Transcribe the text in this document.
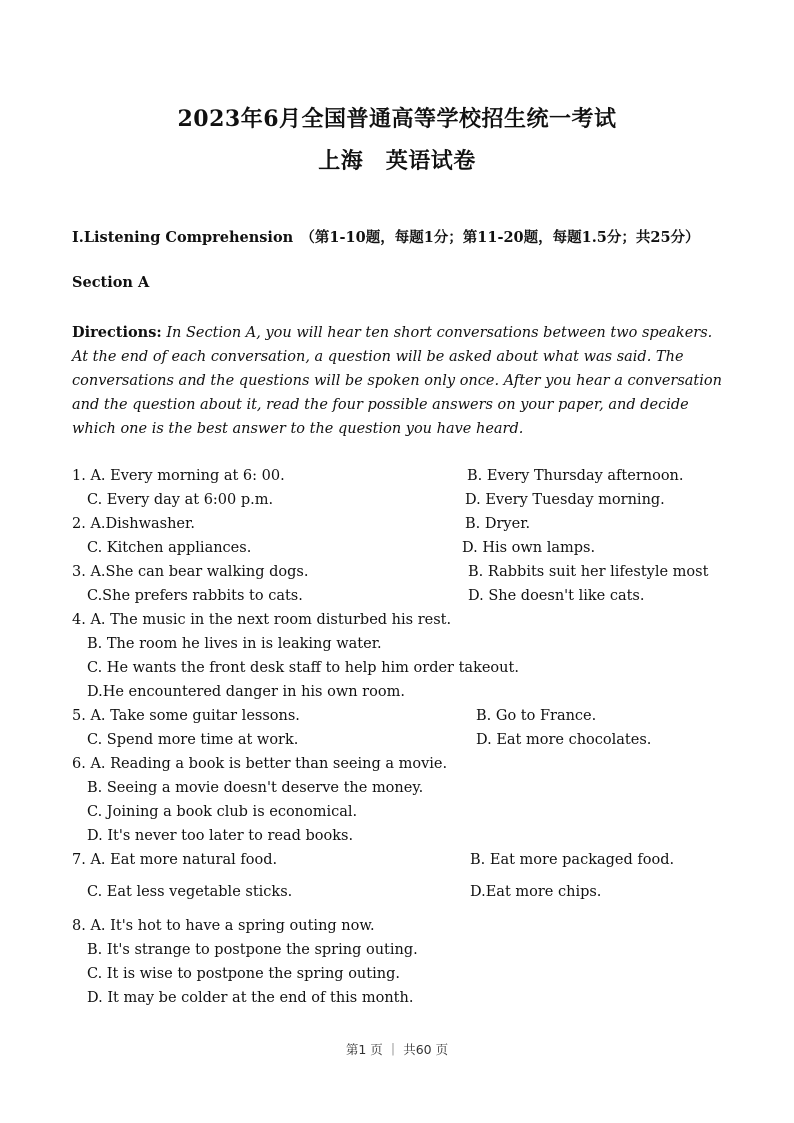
2023年6月全国普通高等学校招生统一考试
上海　英语试卷
I.Listening Comprehension　（第1-10题，每题1分；第11-20题，每题1.5分；共25分）
Section A
Directions: In Section A, you will hear ten short conversations between two speakers. At the end of each conversation, a question will be asked about what was said. The conversations and the questions will be spoken only once. After you hear a conversation and the question about it, read the four possible answers on your paper, and decide which one is the best answer to the question you have heard.
1. A. Every morning at 6: 00.	B. Every Thursday afternoon.
C. Every day at 6:00 p.m.	D. Every Tuesday morning.
2. A.Dishwasher.	B. Dryer.
C. Kitchen appliances.	D. His own lamps.
3. A.She can bear walking dogs.	B. Rabbits suit her lifestyle most
C.She prefers rabbits to cats.	D. She doesn't like cats.
4. A. The music in the next room disturbed his rest.
B. The room he lives in is leaking water.
C. He wants the front desk staff to help him order takeout.
D.He encountered danger in his own room.
5. A. Take some guitar lessons.	B. Go to France.
C. Spend more time at work.	D. Eat more chocolates.
6. A. Reading a book is better than seeing a movie.
B. Seeing a movie doesn't deserve the money.
C. Joining a book club is economical.
D. It's never too later to read books.
7. A. Eat more natural food.	B. Eat more packaged food.
C. Eat less vegetable sticks.	D.Eat more chips.
8. A. It's hot to have a spring outing now.
B. It's strange to postpone the spring outing.
C. It is wise to postpone the spring outing.
D. It may be colder at the end of this month.
第1 页 ｜ 共60 页
